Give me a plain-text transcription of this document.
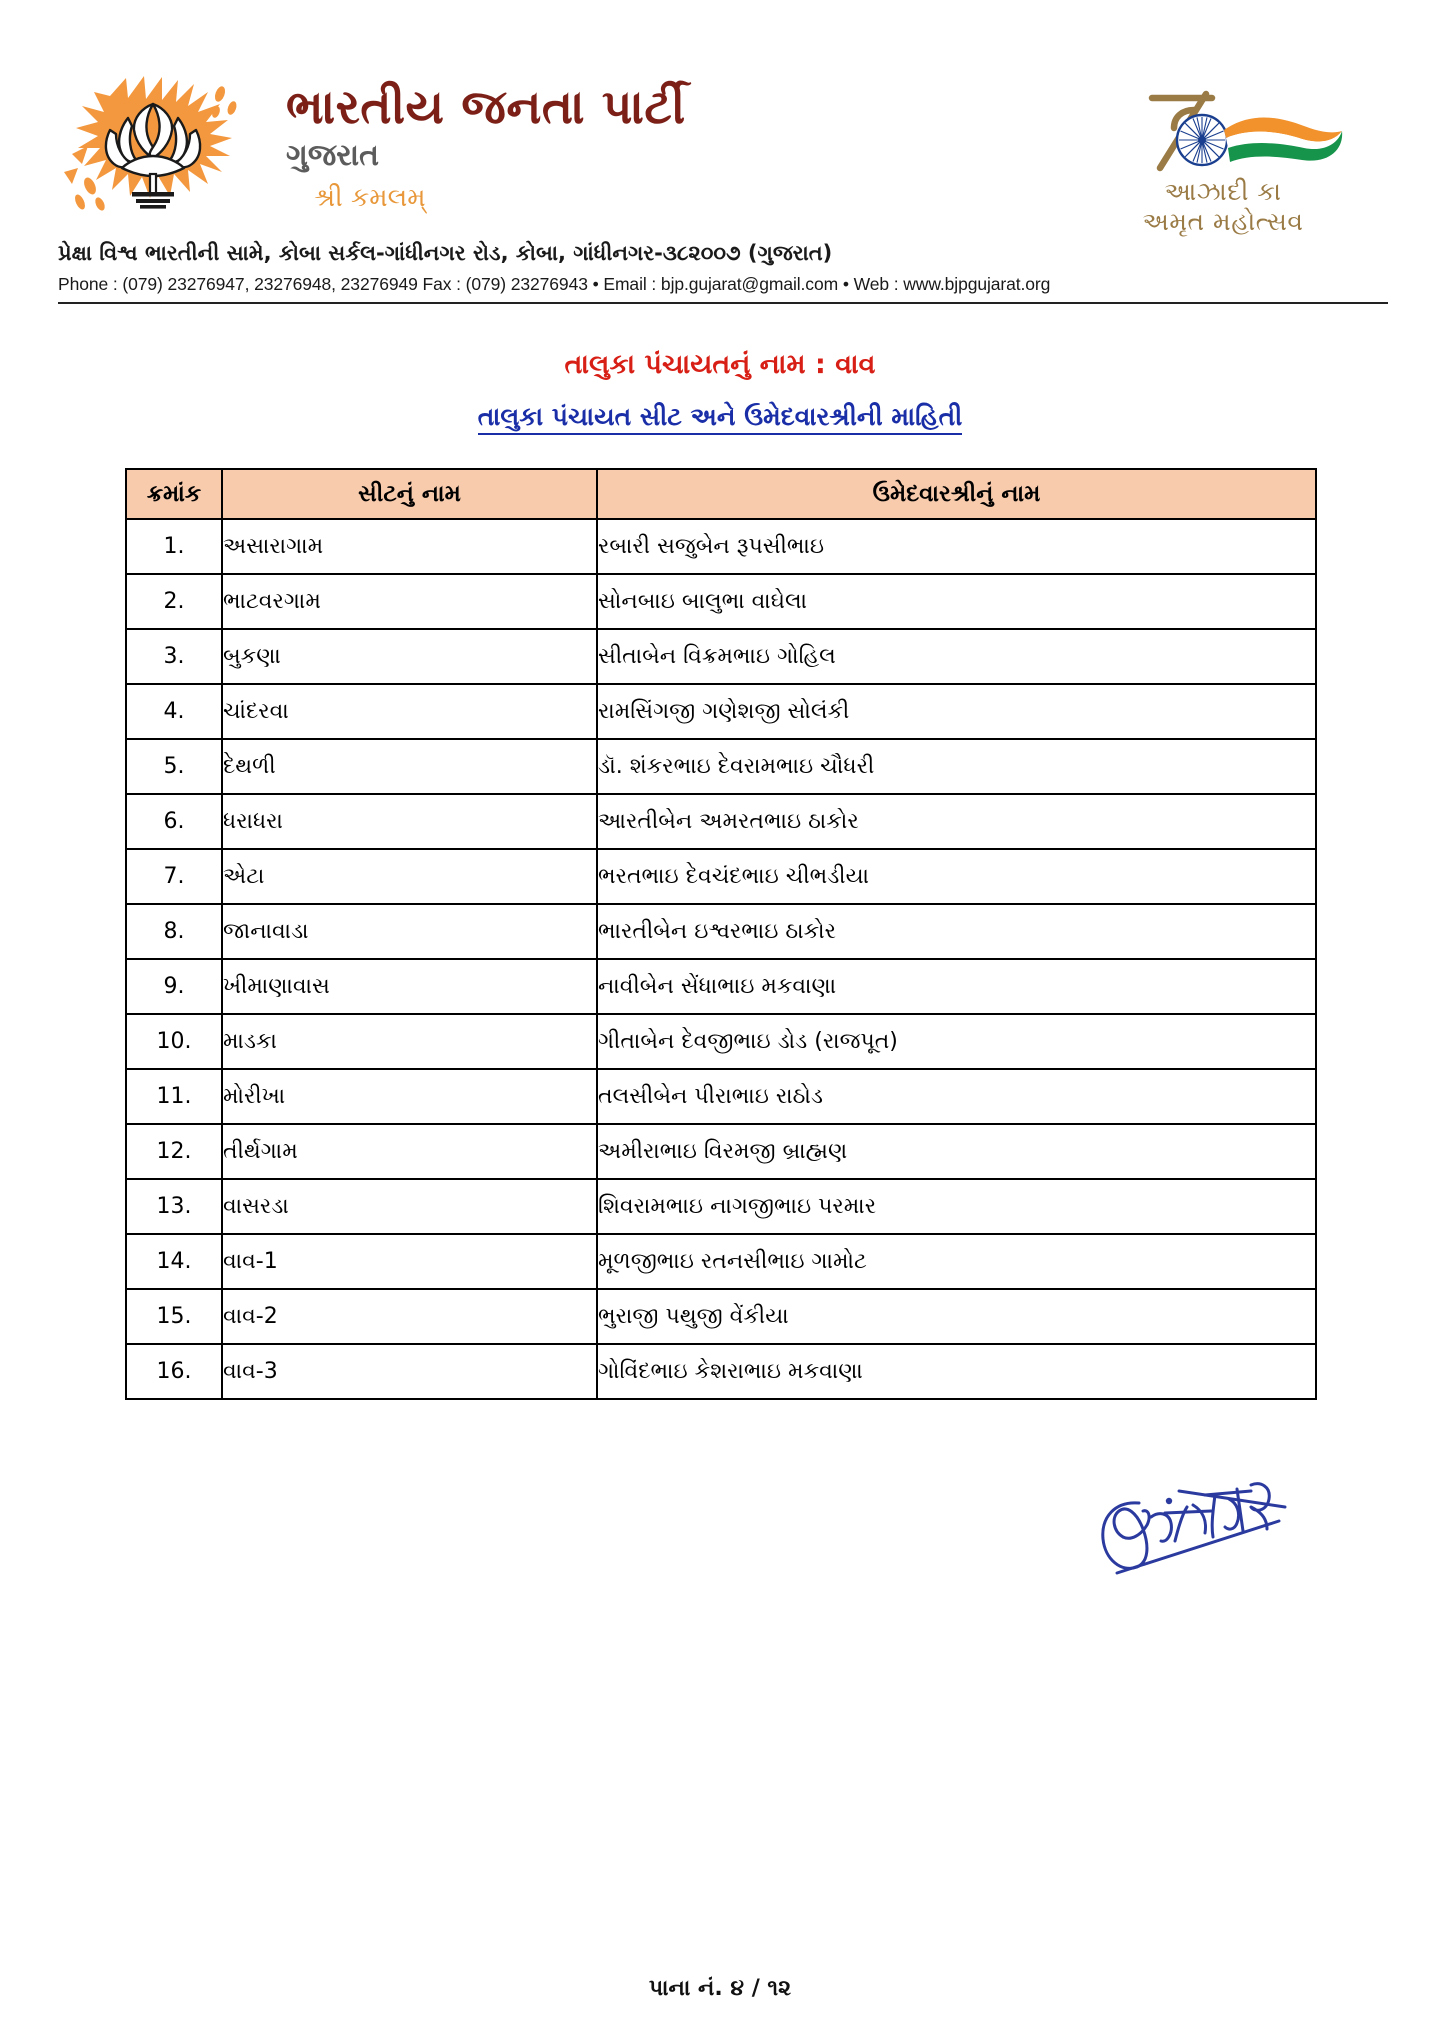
ભારતીય જનતા પાર્ટી
ગુજરાત
શ્રી કમલમ્	આઝાદી કા
અમૃત મહોત્સવ
પ્રેક્ષા વિશ્વ ભારતીની સામે, કોબા સર્કલ-ગાંધીનગર રોડ, કોબા, ગાંધીનગર-૩૮૨૦૦૭ (ગુજરાત)
Phone : (079) 23276947, 23276948, 23276949 Fax : (079) 23276943 • Email : bjp.gujarat@gmail.com • Web : www.bjpgujarat.org
તાલુકા પંચાયતનું નામ : વાવ
તાલુકા પંચાયત સીટ અને ઉમેદવારશ્રીની માહિતી
ક્રમાંક	સીટનું નામ	ઉમેદવારશ્રીનું નામ
1.	અસારાગામ	રબારી સજુબેન રૂપસીભાઇ
2.	ભાટવરગામ	સોનબાઇ બાલુભા વાઘેલા
3.	બુકણા	સીતાબેન વિક્રમભાઇ ગોહિલ
4.	ચાંદરવા	રામસિંગજી ગણેશજી સોલંકી
5.	દેથળી	ડૉ. શંકરભાઇ દેવરામભાઇ ચૌધરી
6.	ધરાધરા	આરતીબેન અમરતભાઇ ઠાકોર
7.	એટા	ભરતભાઇ દેવચંદભાઇ ચીભડીયા
8.	જાનાવાડા	ભારતીબેન ઇશ્વરભાઇ ઠાકોર
9.	ખીમાણાવાસ	નાવીબેન સેંધાભાઇ મકવાણા
10.	માડકા	ગીતાબેન દેવજીભાઇ ડોડ (રાજપૂત)
11.	મોરીખા	તલસીબેન પીરાભાઇ રાઠોડ
12.	તીર્થગામ	અમીરાભાઇ વિરમજી બ્રાહ્મણ
13.	વાસરડા	શિવરામભાઇ નાગજીભાઇ પરમાર
14.	વાવ-1	મૂળજીભાઇ રતનસીભાઇ ગામોટ
15.	વાવ-2	ભુરાજી પથુજી વેંકીયા
16.	વાવ-3	ગોવિંદભાઇ કેશરાભાઇ મકવાણા
પાના નં. ૪ / ૧૨
